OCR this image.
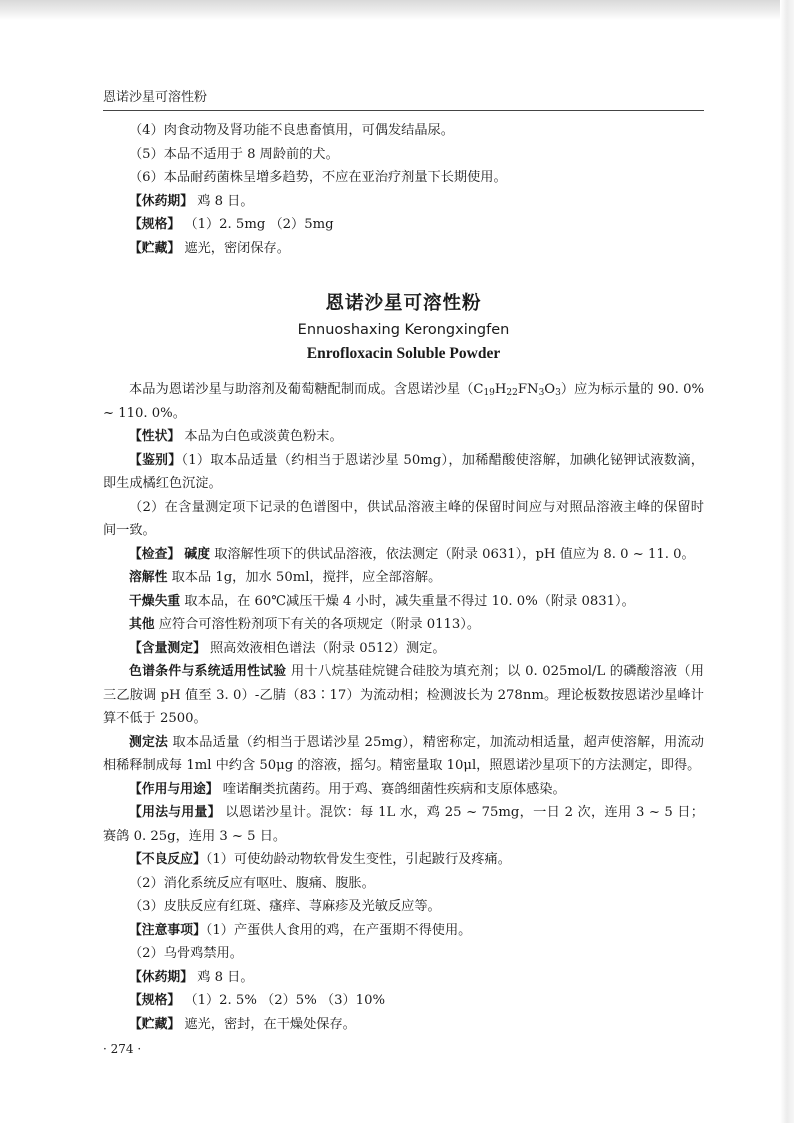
恩诺沙星可溶性粉

（4）肉食动物及肾功能不良患畜慎用，可偶发结晶尿。

（5）本品不适用于 8 周龄前的犬。

（6）本品耐药菌株呈增多趋势，不应在亚治疗剂量下长期使用。

【休药期】 鸡 8 日。

【规格】 （1）2. 5mg （2）5mg

【贮藏】 遮光，密闭保存。

恩诺沙星可溶性粉
Ennuoshaxing Kerongxingfen
Enrofloxacin Soluble Powder

本品为恩诺沙星与助溶剂及葡萄糖配制而成。含恩诺沙星$(C_{19}H_{22}FN_3O_3)$应为标示量的 90. 0% ~ 110. 0%。

【性状】 本品为白色或淡黄色粉末。

【鉴别】（1）取本品适量（约相当于恩诺沙星 50mg），加稀醋酸使溶解，加碘化铋钾试液数滴，即生成橘红色沉淀。

（2）在含量测定项下记录的色谱图中，供试品溶液主峰的保留时间应与对照品溶液主峰的保留时间一致。

【检查】 碱度 取溶解性项下的供试品溶液，依法测定（附录 0631），pH 值应为 8. 0 ~ 11. 0。

溶解性 取本品 1g，加水 50ml，搅拌，应全部溶解。

干燥失重 取本品，在 60℃减压干燥 4 小时，减失重量不得过 10. 0%（附录 0831）。

其他 应符合可溶性粉剂项下有关的各项规定（附录 0113）。

【含量测定】 照高效液相色谱法（附录 0512）测定。

色谱条件与系统适用性试验 用十八烷基硅烷键合硅胶为填充剂；以 0. 025mol/L 的磷酸溶液（用三乙胺调 pH 值至 3. 0）-乙腈（83∶17）为流动相；检测波长为 278nm。理论板数按恩诺沙星峰计算不低于 2500。

测定法 取本品适量（约相当于恩诺沙星 25mg），精密称定，加流动相适量，超声使溶解，用流动相稀释制成每 1ml 中约含 50μg 的溶液，摇匀。精密量取 10μl，照恩诺沙星项下的方法测定，即得。

【作用与用途】 喹诺酮类抗菌药。用于鸡、赛鸽细菌性疾病和支原体感染。

【用法与用量】 以恩诺沙星计。混饮：每 1L 水，鸡 25 ~ 75mg，一日 2 次，连用 3 ~ 5 日；赛鸽 0. 25g，连用 3 ~ 5 日。

【不良反应】（1）可使幼龄动物软骨发生变性，引起跛行及疼痛。

（2）消化系统反应有呕吐、腹痛、腹胀。

（3）皮肤反应有红斑、瘙痒、荨麻疹及光敏反应等。

【注意事项】（1）产蛋供人食用的鸡，在产蛋期不得使用。

（2）乌骨鸡禁用。

【休药期】 鸡 8 日。

【规格】 （1）2. 5% （2）5% （3）10%

【贮藏】 遮光，密封，在干燥处保存。

· 274 ·
